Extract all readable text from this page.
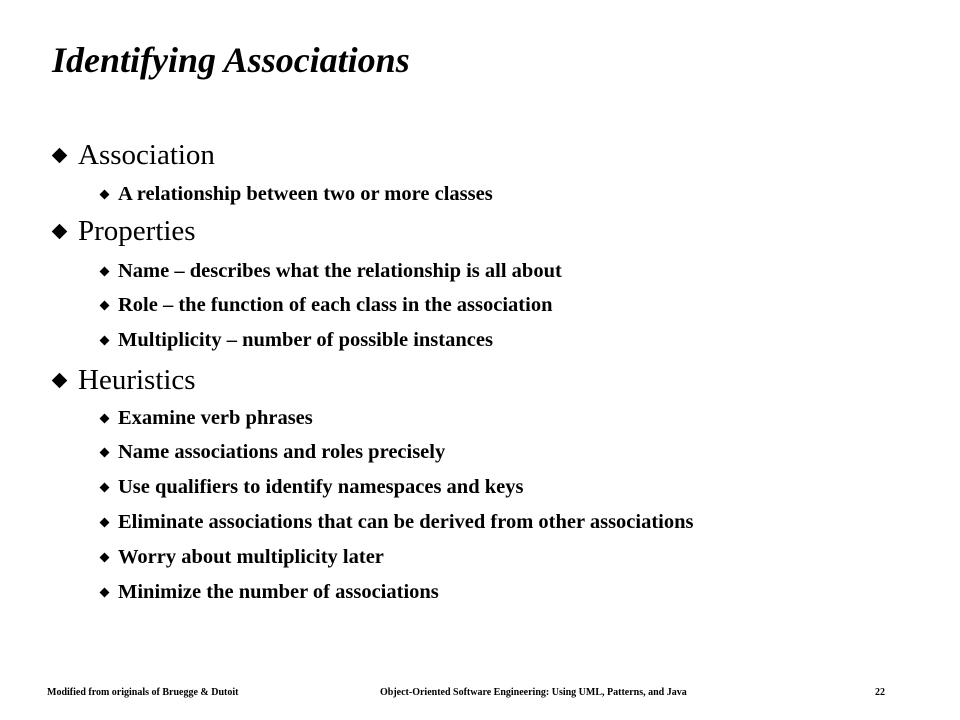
Identifying Associations
Association
A relationship between two or more classes
Properties
Name – describes what the relationship is all about
Role – the function of each class in the association
Multiplicity – number of possible instances
Heuristics
Examine verb phrases
Name associations and roles precisely
Use qualifiers to identify namespaces and keys
Eliminate associations that can be derived from other associations
Worry about multiplicity later
Minimize the number of associations
Modified from originals of Bruegge & Dutoit	Object-Oriented Software Engineering: Using UML, Patterns, and Java	22
